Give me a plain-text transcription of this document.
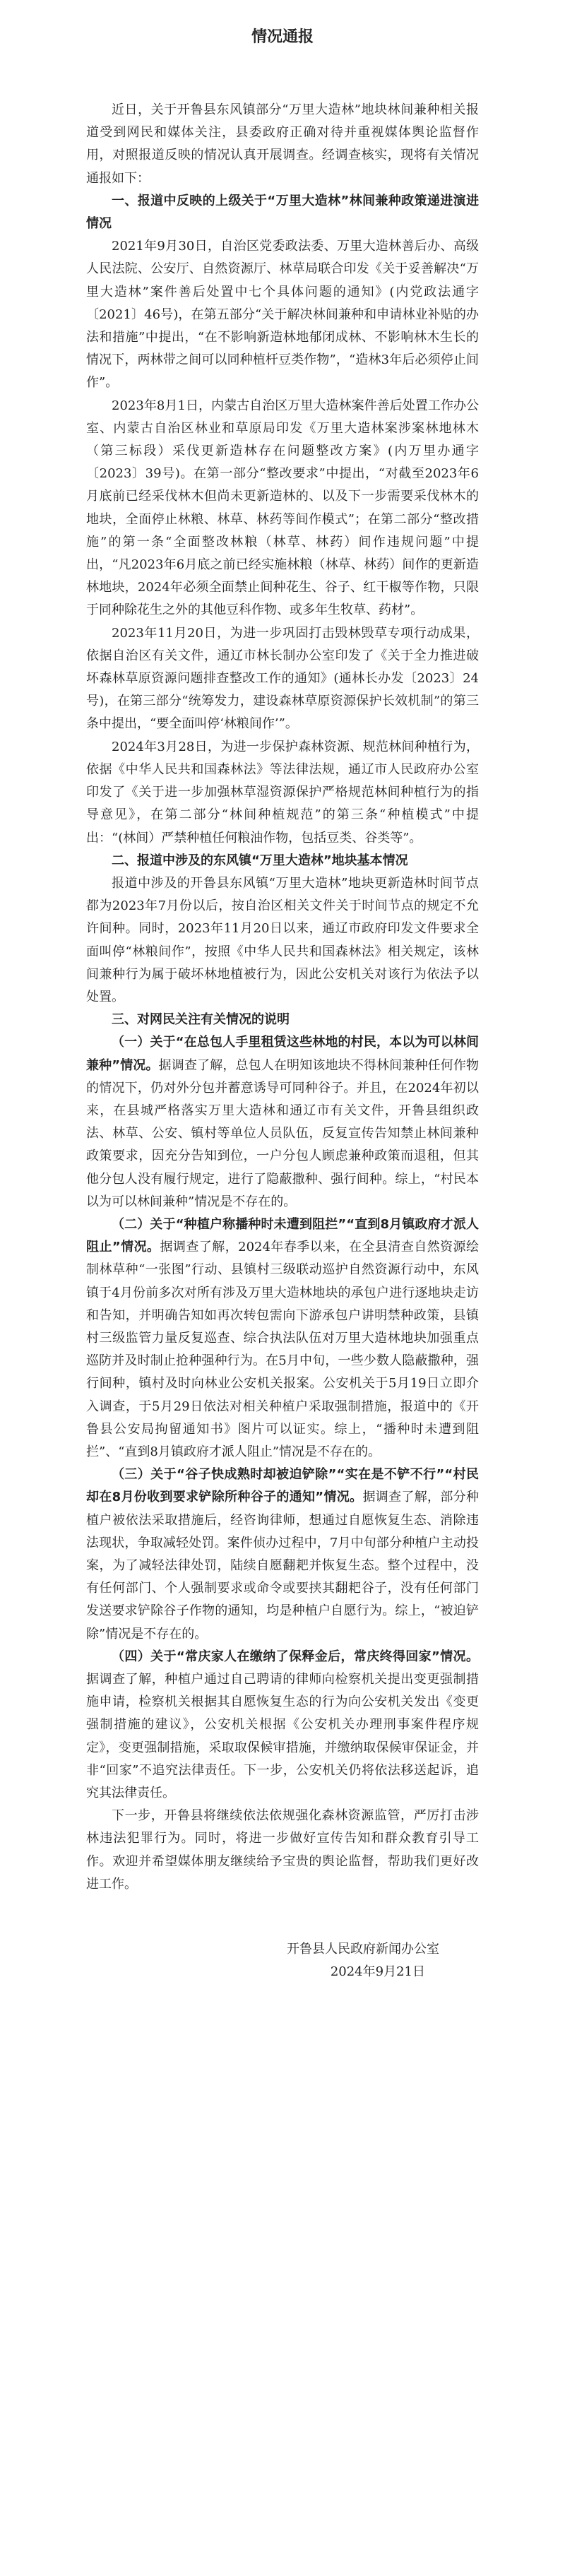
情况通报

近日，关于开鲁县东风镇部分“万里大造林”地块林间兼种相关报道受到网民和媒体关注，县委政府正确对待并重视媒体舆论监督作用，对照报道反映的情况认真开展调查。经调查核实，现将有关情况通报如下：

一、报道中反映的上级关于“万里大造林”林间兼种政策递进演进情况

2021年9月30日，自治区党委政法委、万里大造林善后办、高级人民法院、公安厅、自然资源厅、林草局联合印发《关于妥善解决“万里大造林”案件善后处置中七个具体问题的通知》(内党政法通字〔2021〕46号)，在第五部分“关于解决林间兼种和申请林业补贴的办法和措施”中提出，“在不影响新造林地郁闭成林、不影响林木生长的情况下，两林带之间可以同种植杆豆类作物”，“造林3年后必须停止间作”。

2023年8月1日，内蒙古自治区万里大造林案件善后处置工作办公室、内蒙古自治区林业和草原局印发《万里大造林案涉案林地林木（第三标段）采伐更新造林存在问题整改方案》(内万里办通字〔2023〕39号)。在第一部分“整改要求”中提出，“对截至2023年6月底前已经采伐林木但尚未更新造林的、以及下一步需要采伐林木的地块，全面停止林粮、林草、林药等间作模式”；在第二部分“整改措施”的第一条“全面整改林粮（林草、林药）间作违规问题”中提出，“凡2023年6月底之前已经实施林粮（林草、林药）间作的更新造林地块，2024年必须全面禁止间种花生、谷子、红干椒等作物，只限于同种除花生之外的其他豆科作物、或多年生牧草、药材”。

2023年11月20日，为进一步巩固打击毁林毁草专项行动成果，依据自治区有关文件，通辽市林长制办公室印发了《关于全力推进破坏森林草原资源问题排查整改工作的通知》(通林长办发〔2023〕24号)，在第三部分“统筹发力，建设森林草原资源保护长效机制”的第三条中提出，“要全面叫停‘林粮间作’”。

2024年3月28日，为进一步保护森林资源、规范林间种植行为，依据《中华人民共和国森林法》等法律法规，通辽市人民政府办公室印发了《关于进一步加强林草湿资源保护严格规范林间种植行为的指导意见》，在第二部分“林间种植规范”的第三条“种植模式”中提出：“(林间）严禁种植任何粮油作物，包括豆类、谷类等”。

二、报道中涉及的东风镇“万里大造林”地块基本情况

报道中涉及的开鲁县东风镇“万里大造林”地块更新造林时间节点都为2023年7月份以后，按自治区相关文件关于时间节点的规定不允许间种。同时，2023年11月20日以来，通辽市政府印发文件要求全面叫停“林粮间作”，按照《中华人民共和国森林法》相关规定，该林间兼种行为属于破坏林地植被行为，因此公安机关对该行为依法予以处置。

三、对网民关注有关情况的说明

（一）关于“在总包人手里租赁这些林地的村民，本以为可以林间兼种”情况。据调查了解，总包人在明知该地块不得林间兼种任何作物的情况下，仍对外分包并蓄意诱导可同种谷子。并且，在2024年初以来，在县城严格落实万里大造林和通辽市有关文件，开鲁县组织政法、林草、公安、镇村等单位人员队伍，反复宣传告知禁止林间兼种政策要求，因充分告知到位，一户分包人顾虑兼种政策而退租，但其他分包人没有履行规定，进行了隐蔽撒种、强行间种。综上，“村民本以为可以林间兼种”情况是不存在的。

（二）关于“种植户称播种时未遭到阻拦”“直到8月镇政府才派人阻止”情况。据调查了解，2024年春季以来，在全县清查自然资源绘制林草种“一张图”行动、县镇村三级联动巡护自然资源行动中，东风镇于4月份前多次对所有涉及万里大造林地块的承包户进行逐地块走访和告知，并明确告知如再次转包需向下游承包户讲明禁种政策，县镇村三级监管力量反复巡查、综合执法队伍对万里大造林地块加强重点巡防并及时制止抢种强种行为。在5月中旬，一些少数人隐蔽撒种，强行间种，镇村及时向林业公安机关报案。公安机关于5月19日立即介入调查，于5月29日依法对相关种植户采取强制措施，报道中的《开鲁县公安局拘留通知书》图片可以证实。综上，“播种时未遭到阻拦”、“直到8月镇政府才派人阻止”情况是不存在的。

（三）关于“谷子快成熟时却被迫铲除”“实在是不铲不行”“村民却在8月份收到要求铲除所种谷子的通知”情况。据调查了解，部分种植户被依法采取措施后，经咨询律师，想通过自愿恢复生态、消除违法现状，争取减轻处罚。案件侦办过程中，7月中旬部分种植户主动投案，为了减轻法律处罚，陆续自愿翻耙并恢复生态。整个过程中，没有任何部门、个人强制要求或命令或要挟其翻耙谷子，没有任何部门发送要求铲除谷子作物的通知，均是种植户自愿行为。综上，“被迫铲除”情况是不存在的。

（四）关于“常庆家人在缴纳了保释金后，常庆终得回家”情况。据调查了解，种植户通过自己聘请的律师向检察机关提出变更强制措施申请，检察机关根据其自愿恢复生态的行为向公安机关发出《变更强制措施的建议》，公安机关根据《公安机关办理刑事案件程序规定》，变更强制措施，采取取保候审措施，并缴纳取保候审保证金，并非“回家”不追究法律责任。下一步，公安机关仍将依法移送起诉，追究其法律责任。

下一步，开鲁县将继续依法依规强化森林资源监管，严厉打击涉林违法犯罪行为。同时，将进一步做好宣传告知和群众教育引导工作。欢迎并希望媒体朋友继续给予宝贵的舆论监督，帮助我们更好改进工作。

开鲁县人民政府新闻办公室

2024年9月21日
